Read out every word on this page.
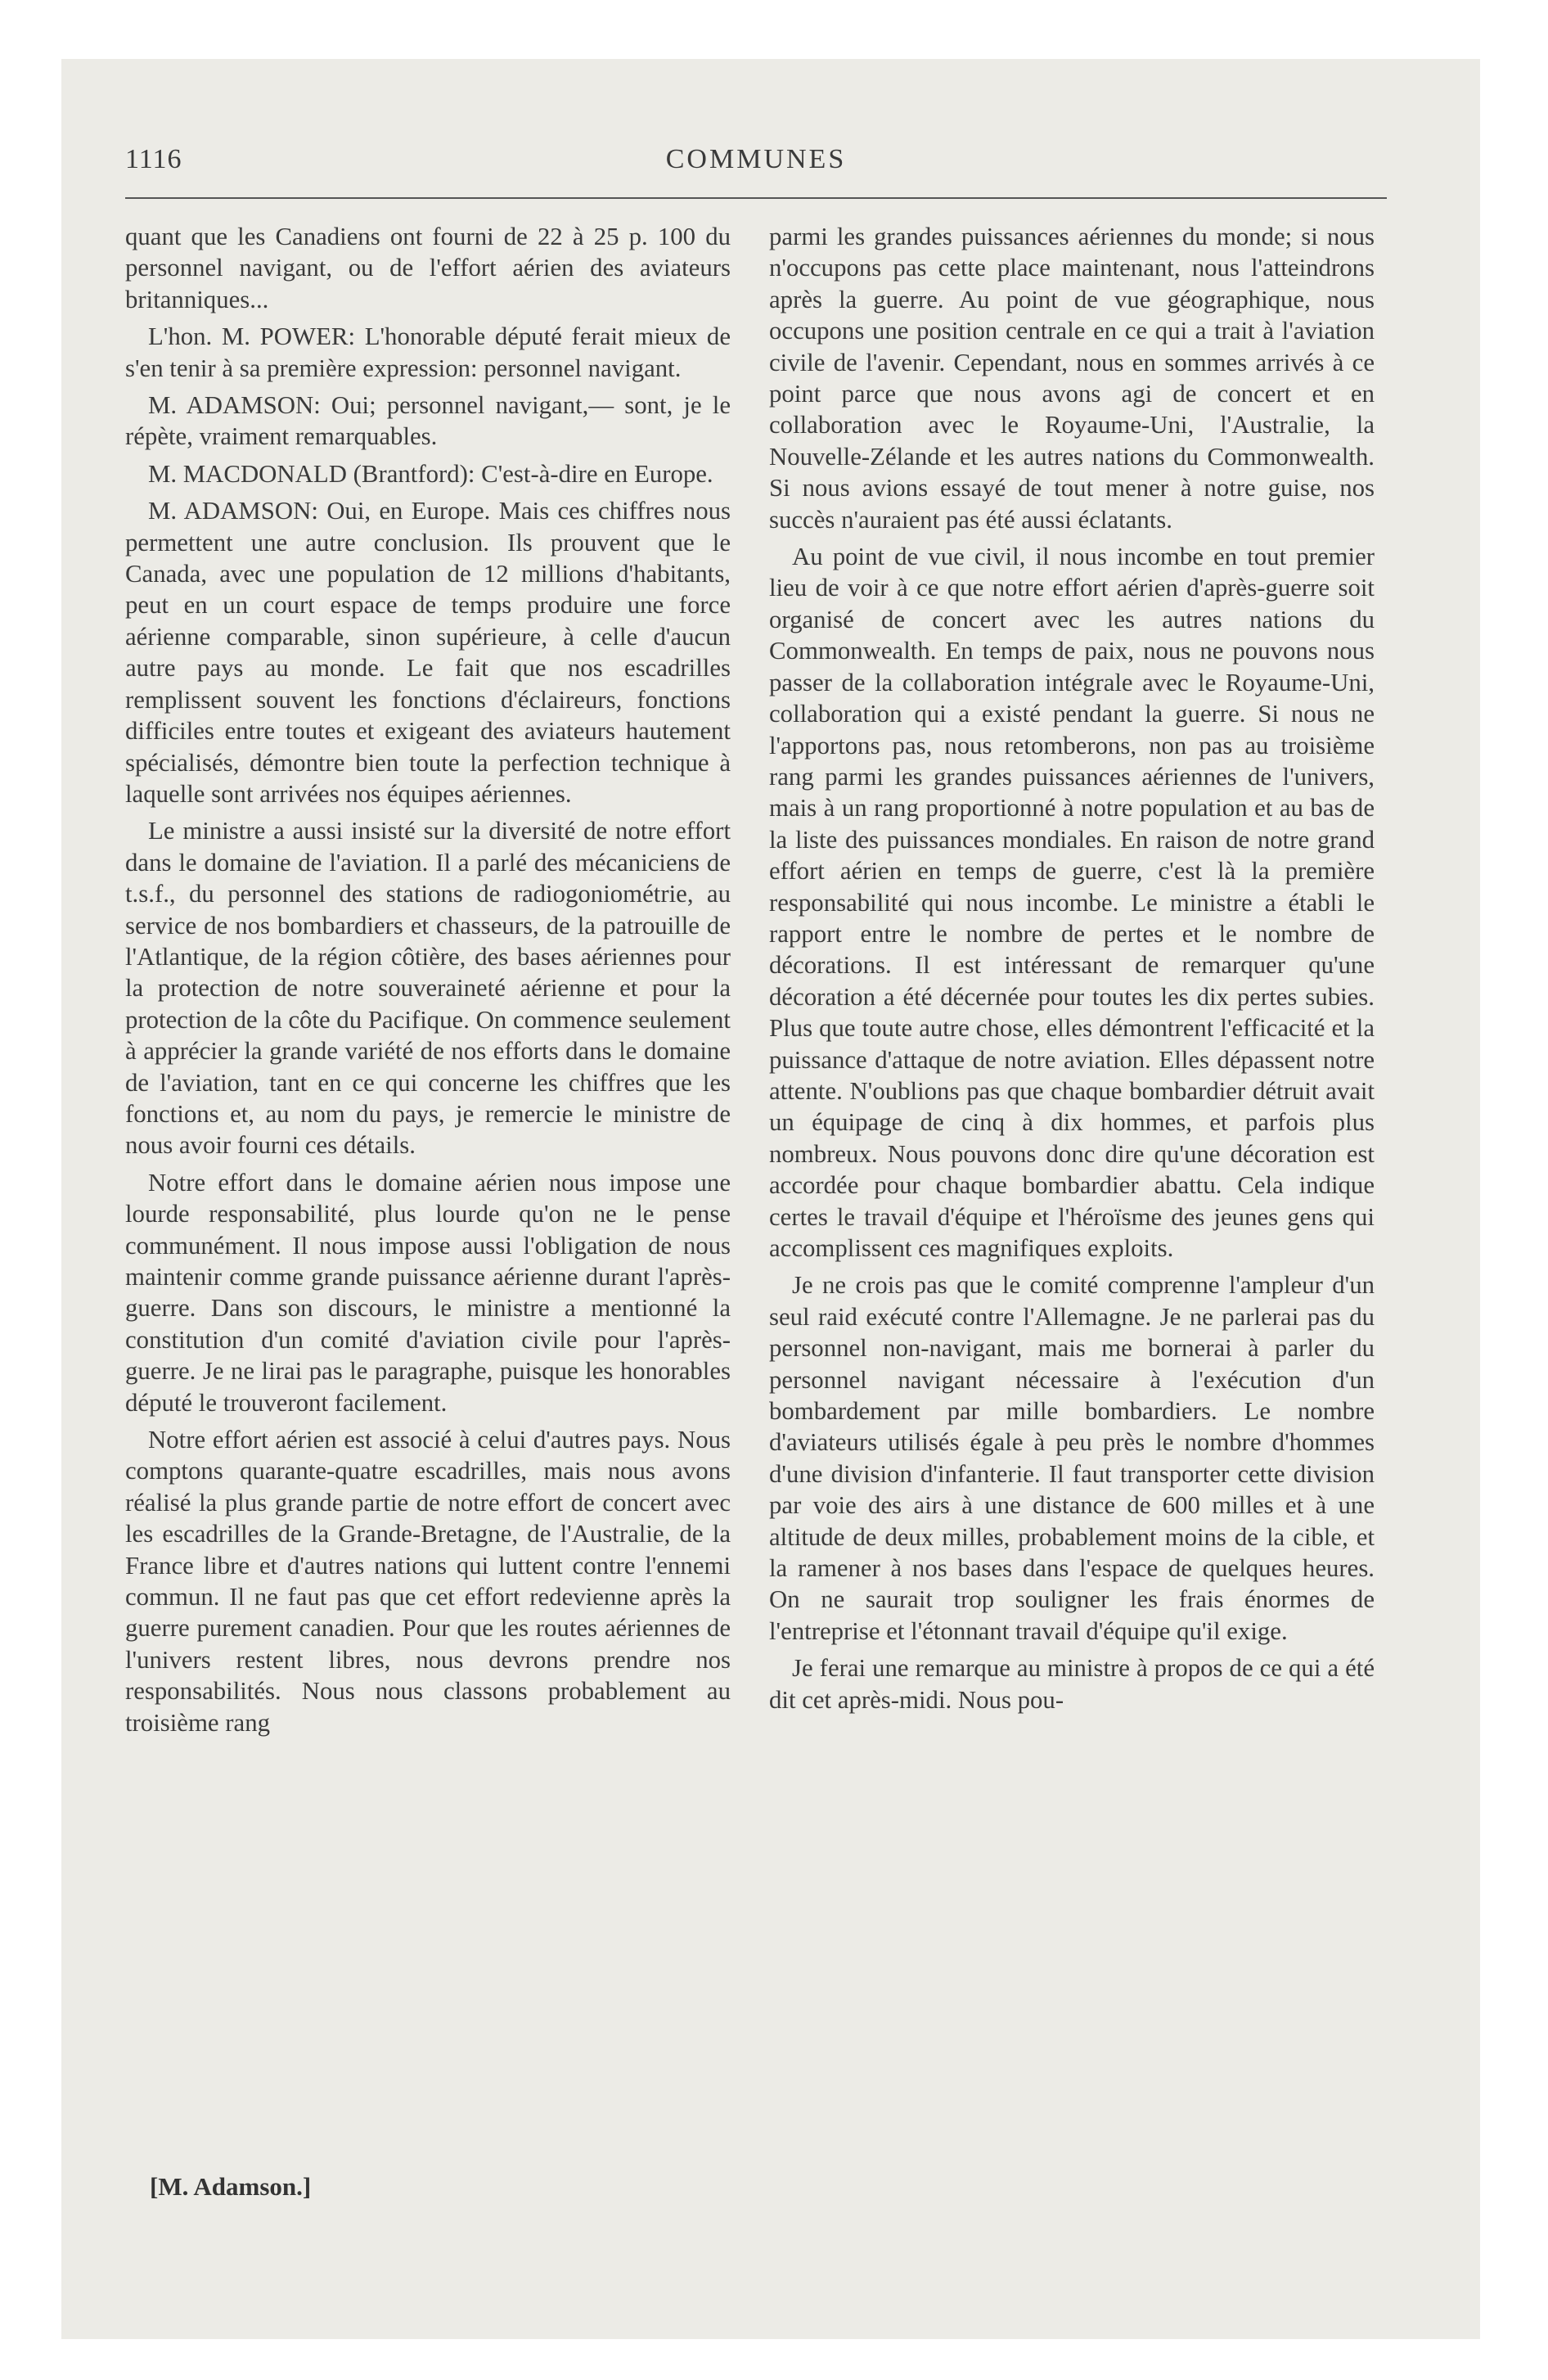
1116	COMMUNES

quant que les Canadiens ont fourni de 22 à 25 p. 100 du personnel navigant, ou de l'effort aérien des aviateurs britanniques...

L'hon. M. POWER: L'honorable député ferait mieux de s'en tenir à sa première expression: personnel navigant.

M. ADAMSON: Oui; personnel navigant,— sont, je le répète, vraiment remarquables.

M. MACDONALD (Brantford): C'est-à-dire en Europe.

M. ADAMSON: Oui, en Europe. Mais ces chiffres nous permettent une autre conclusion. Ils prouvent que le Canada, avec une population de 12 millions d'habitants, peut en un court espace de temps produire une force aérienne comparable, sinon supérieure, à celle d'aucun autre pays au monde. Le fait que nos escadrilles remplissent souvent les fonctions d'éclaireurs, fonctions difficiles entre toutes et exigeant des aviateurs hautement spécialisés, démontre bien toute la perfection technique à laquelle sont arrivées nos équipes aériennes.

Le ministre a aussi insisté sur la diversité de notre effort dans le domaine de l'aviation. Il a parlé des mécaniciens de t.s.f., du personnel des stations de radiogoniométrie, au service de nos bombardiers et chasseurs, de la patrouille de l'Atlantique, de la région côtière, des bases aériennes pour la protection de notre souveraineté aérienne et pour la protection de la côte du Pacifique. On commence seulement à apprécier la grande variété de nos efforts dans le domaine de l'aviation, tant en ce qui concerne les chiffres que les fonctions et, au nom du pays, je remercie le ministre de nous avoir fourni ces détails.

Notre effort dans le domaine aérien nous impose une lourde responsabilité, plus lourde qu'on ne le pense communément. Il nous impose aussi l'obligation de nous maintenir comme grande puissance aérienne durant l'après-guerre. Dans son discours, le ministre a mentionné la constitution d'un comité d'aviation civile pour l'après-guerre. Je ne lirai pas le paragraphe, puisque les honorables député le trouveront facilement.

Notre effort aérien est associé à celui d'autres pays. Nous comptons quarante-quatre escadrilles, mais nous avons réalisé la plus grande partie de notre effort de concert avec les escadrilles de la Grande-Bretagne, de l'Australie, de la France libre et d'autres nations qui luttent contre l'ennemi commun. Il ne faut pas que cet effort redevienne après la guerre purement canadien. Pour que les routes aériennes de l'univers restent libres, nous devrons prendre nos responsabilités. Nous nous classons probablement au troisième rang

parmi les grandes puissances aériennes du monde; si nous n'occupons pas cette place maintenant, nous l'atteindrons après la guerre. Au point de vue géographique, nous occupons une position centrale en ce qui a trait à l'aviation civile de l'avenir. Cependant, nous en sommes arrivés à ce point parce que nous avons agi de concert et en collaboration avec le Royaume-Uni, l'Australie, la Nouvelle-Zélande et les autres nations du Commonwealth. Si nous avions essayé de tout mener à notre guise, nos succès n'auraient pas été aussi éclatants.

Au point de vue civil, il nous incombe en tout premier lieu de voir à ce que notre effort aérien d'après-guerre soit organisé de concert avec les autres nations du Commonwealth. En temps de paix, nous ne pouvons nous passer de la collaboration intégrale avec le Royaume-Uni, collaboration qui a existé pendant la guerre. Si nous ne l'apportons pas, nous retomberons, non pas au troisième rang parmi les grandes puissances aériennes de l'univers, mais à un rang proportionné à notre population et au bas de la liste des puissances mondiales. En raison de notre grand effort aérien en temps de guerre, c'est là la première responsabilité qui nous incombe. Le ministre a établi le rapport entre le nombre de pertes et le nombre de décorations. Il est intéressant de remarquer qu'une décoration a été décernée pour toutes les dix pertes subies. Plus que toute autre chose, elles démontrent l'efficacité et la puissance d'attaque de notre aviation. Elles dépassent notre attente. N'oublions pas que chaque bombardier détruit avait un équipage de cinq à dix hommes, et parfois plus nombreux. Nous pouvons donc dire qu'une décoration est accordée pour chaque bombardier abattu. Cela indique certes le travail d'équipe et l'héroïsme des jeunes gens qui accomplissent ces magnifiques exploits.

Je ne crois pas que le comité comprenne l'ampleur d'un seul raid exécuté contre l'Allemagne. Je ne parlerai pas du personnel non-navigant, mais me bornerai à parler du personnel navigant nécessaire à l'exécution d'un bombardement par mille bombardiers. Le nombre d'aviateurs utilisés égale à peu près le nombre d'hommes d'une division d'infanterie. Il faut transporter cette division par voie des airs à une distance de 600 milles et à une altitude de deux milles, probablement moins de la cible, et la ramener à nos bases dans l'espace de quelques heures. On ne saurait trop souligner les frais énormes de l'entreprise et l'étonnant travail d'équipe qu'il exige.

Je ferai une remarque au ministre à propos de ce qui a été dit cet après-midi. Nous pou-

[M. Adamson.]
